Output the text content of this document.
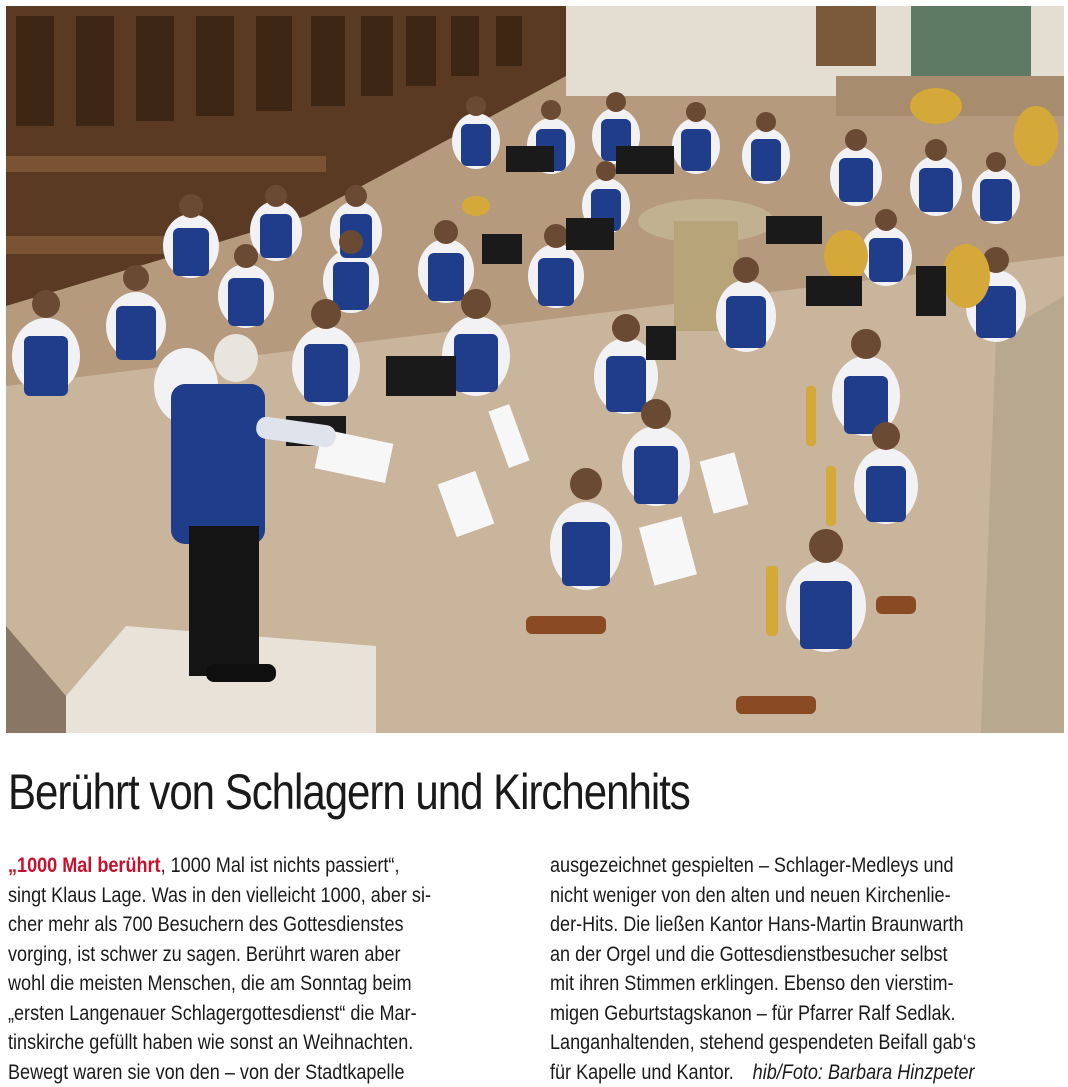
Berührt von Schlagern und Kirchenhits
„1000 Mal berührt, 1000 Mal ist nichts passiert“,
singt Klaus Lage. Was in den vielleicht 1000, aber si-
cher mehr als 700 Besuchern des Gottesdienstes
vorging, ist schwer zu sagen. Berührt waren aber
wohl die meisten Menschen, die am Sonntag beim
„ersten Langenauer Schlagergottesdienst“ die Mar-
tinskirche gefüllt haben wie sonst an Weihnachten.
Bewegt waren sie von den – von der Stadtkapelle
ausgezeichnet gespielten – Schlager-Medleys und
nicht weniger von den alten und neuen Kirchenlie-
der-Hits. Die ließen Kantor Hans-Martin Braunwarth
an der Orgel und die Gottesdienstbesucher selbst
mit ihren Stimmen erklingen. Ebenso den vierstim-
migen Geburtstagskanon – für Pfarrer Ralf Sedlak.
Langanhaltenden, stehend gespendeten Beifall gab‘s
für Kapelle und Kantor. hib/Foto: Barbara Hinzpeter
